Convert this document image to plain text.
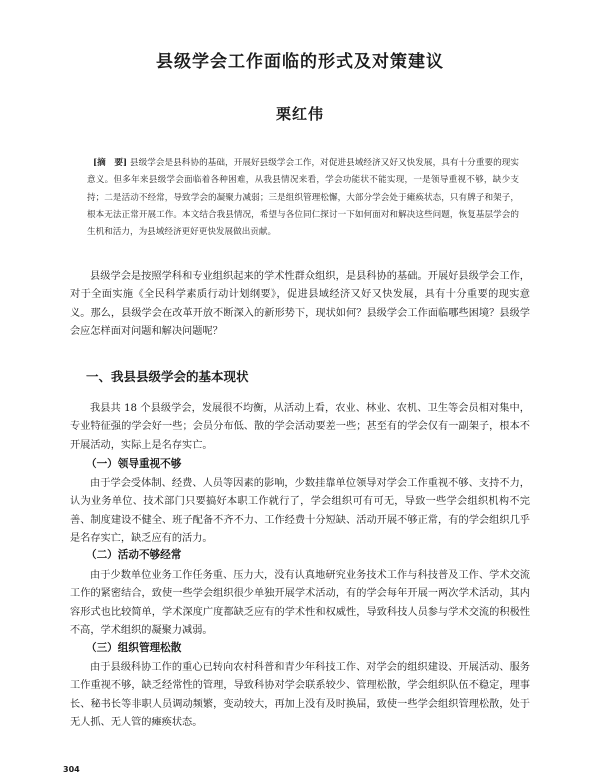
县级学会工作面临的形式及对策建议
栗红伟
[摘　要] 县级学会是县科协的基础，开展好县级学会工作，对促进县域经济又好又快发展，具有十分重要的现实意义。但多年来县级学会面临着各种困难，从我县情况来看，学会功能状不能实现，一是领导重视不够，缺少支持；二是活动不经常，导致学会的凝聚力减弱；三是组织管理松懈，大部分学会处于瘫痪状态，只有牌子和架子，根本无法正常开展工作。本文结合我县情况，希望与各位同仁探讨一下如何面对和解决这些问题，恢复基层学会的生机和活力，为县域经济更好更快发展做出贡献。
县级学会是按照学科和专业组织起来的学术性群众组织，是县科协的基础。开展好县级学会工作，对于全面实施《全民科学素质行动计划纲要》，促进县域经济又好又快发展，具有十分重要的现实意义。那么，县级学会在改革开放不断深入的新形势下，现状如何？县级学会工作面临哪些困境？县级学会应怎样面对问题和解决问题呢？
一、我县县级学会的基本现状
我县共 18 个县级学会，发展很不均衡，从活动上看，农业、林业、农机、卫生等会员相对集中，专业特征强的学会好一些；会员分布低、散的学会活动要差一些；甚至有的学会仅有一副架子，根本不开展活动，实际上是名存实亡。
（一）领导重视不够
由于学会受体制、经费、人员等因素的影响，少数挂靠单位领导对学会工作重视不够、支持不力，认为业务单位、技术部门只要搞好本职工作就行了，学会组织可有可无，导致一些学会组织机构不完善、制度建设不健全、班子配备不齐不力、工作经费十分短缺、活动开展不够正常，有的学会组织几乎是名存实亡，缺乏应有的活力。
（二）活动不够经常
由于少数单位业务工作任务重、压力大，没有认真地研究业务技术工作与科技普及工作、学术交流工作的紧密结合，致使一些学会组织很少单独开展学术活动，有的学会每年开展一两次学术活动，其内容形式也比较简单，学术深度广度都缺乏应有的学术性和权威性，导致科技人员参与学术交流的积极性不高，学术组织的凝聚力减弱。
（三）组织管理松散
由于县级科协工作的重心已转向农村科普和青少年科技工作、对学会的组织建设、开展活动、服务工作重视不够，缺乏经常性的管理，导致科协对学会联系较少、管理松散，学会组织队伍不稳定，理事长、秘书长等非职人员调动频繁，变动较大，再加上没有及时换届，致使一些学会组织管理松散，处于无人抓、无人管的瘫痪状态。
304
